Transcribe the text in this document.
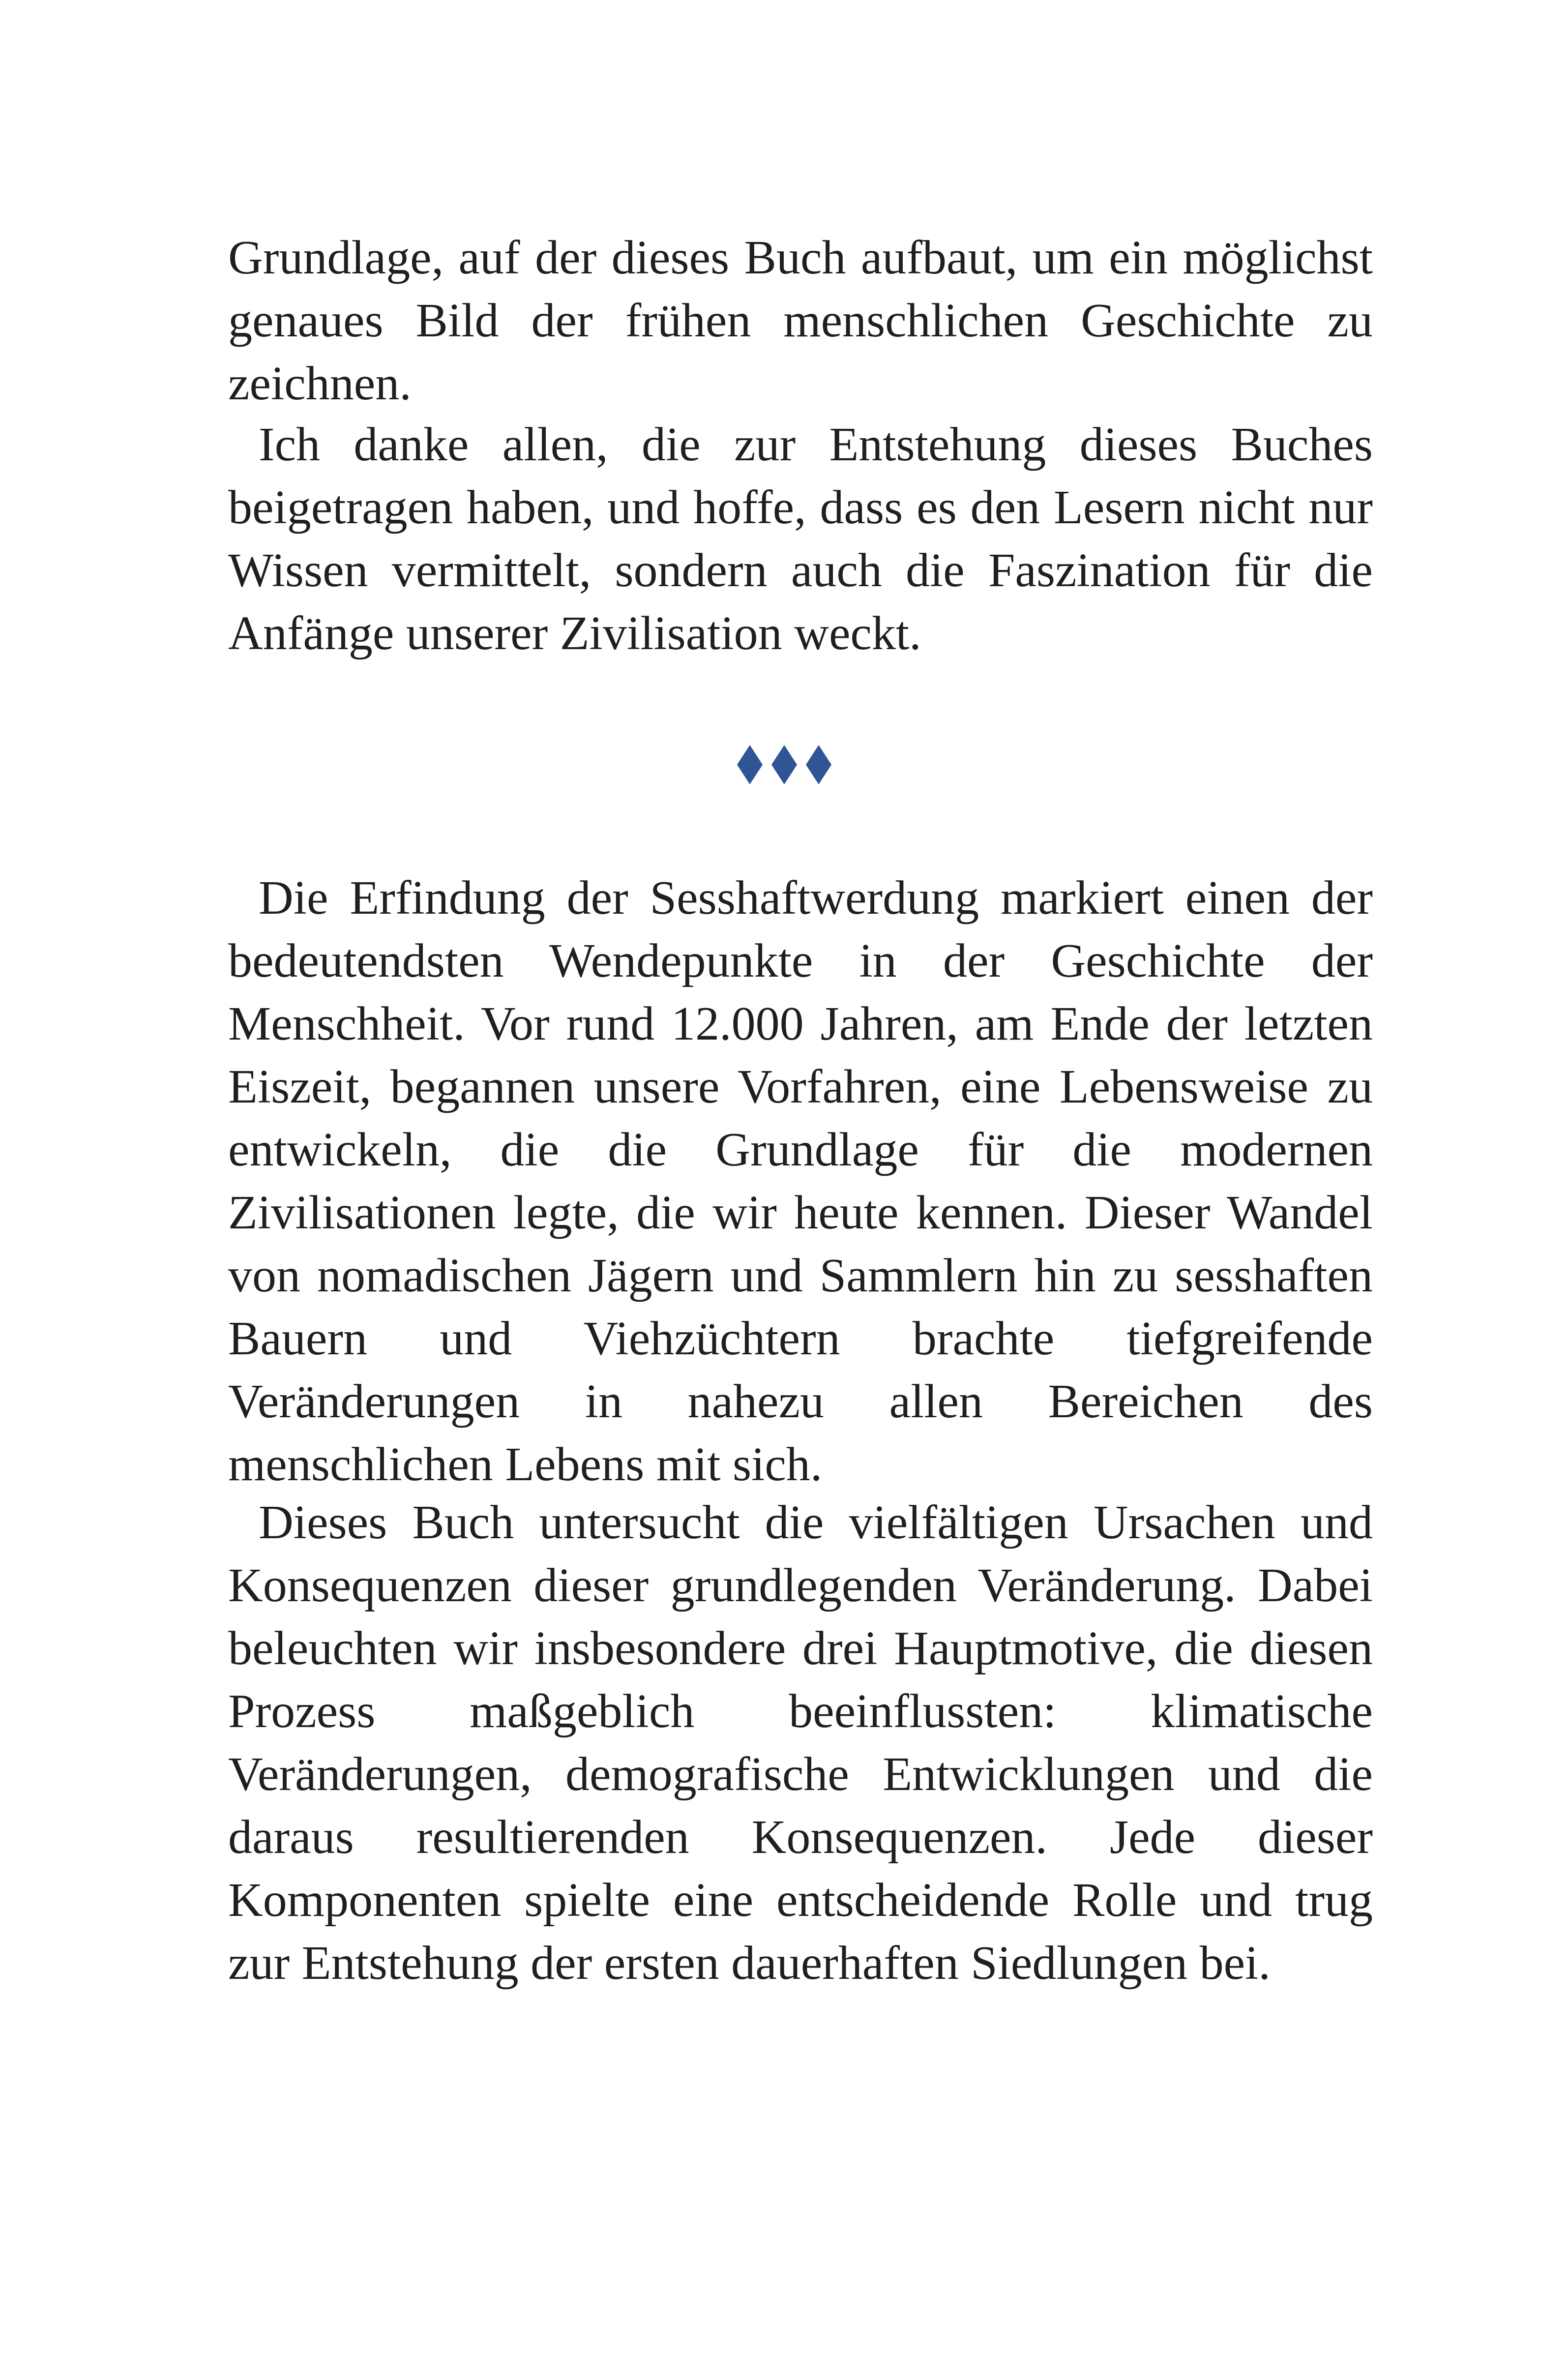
Grundlage, auf der dieses Buch aufbaut, um ein möglichst genaues Bild der frühen menschlichen Geschichte zu zeichnen.

Ich danke allen, die zur Entstehung dieses Buches beigetragen haben, und hoffe, dass es den Lesern nicht nur Wissen vermittelt, sondern auch die Faszination für die Anfänge unserer Zivilisation weckt.

Die Erfindung der Sesshaftwerdung markiert einen der bedeutendsten Wendepunkte in der Geschichte der Menschheit. Vor rund 12.000 Jahren, am Ende der letzten Eiszeit, begannen unsere Vorfahren, eine Lebensweise zu entwickeln, die die Grundlage für die modernen Zivilisationen legte, die wir heute kennen. Dieser Wandel von nomadischen Jägern und Sammlern hin zu sesshaften Bauern und Viehzüchtern brachte tiefgreifende Veränderungen in nahezu allen Bereichen des menschlichen Lebens mit sich.

Dieses Buch untersucht die vielfältigen Ursachen und Konsequenzen dieser grundlegenden Veränderung. Dabei beleuchten wir insbesondere drei Hauptmotive, die diesen Prozess maßgeblich beeinflussten: klimatische Veränderungen, demografische Entwicklungen und die daraus resultierenden Konsequenzen. Jede dieser Komponenten spielte eine entscheidende Rolle und trug zur Entstehung der ersten dauerhaften Siedlungen bei.
